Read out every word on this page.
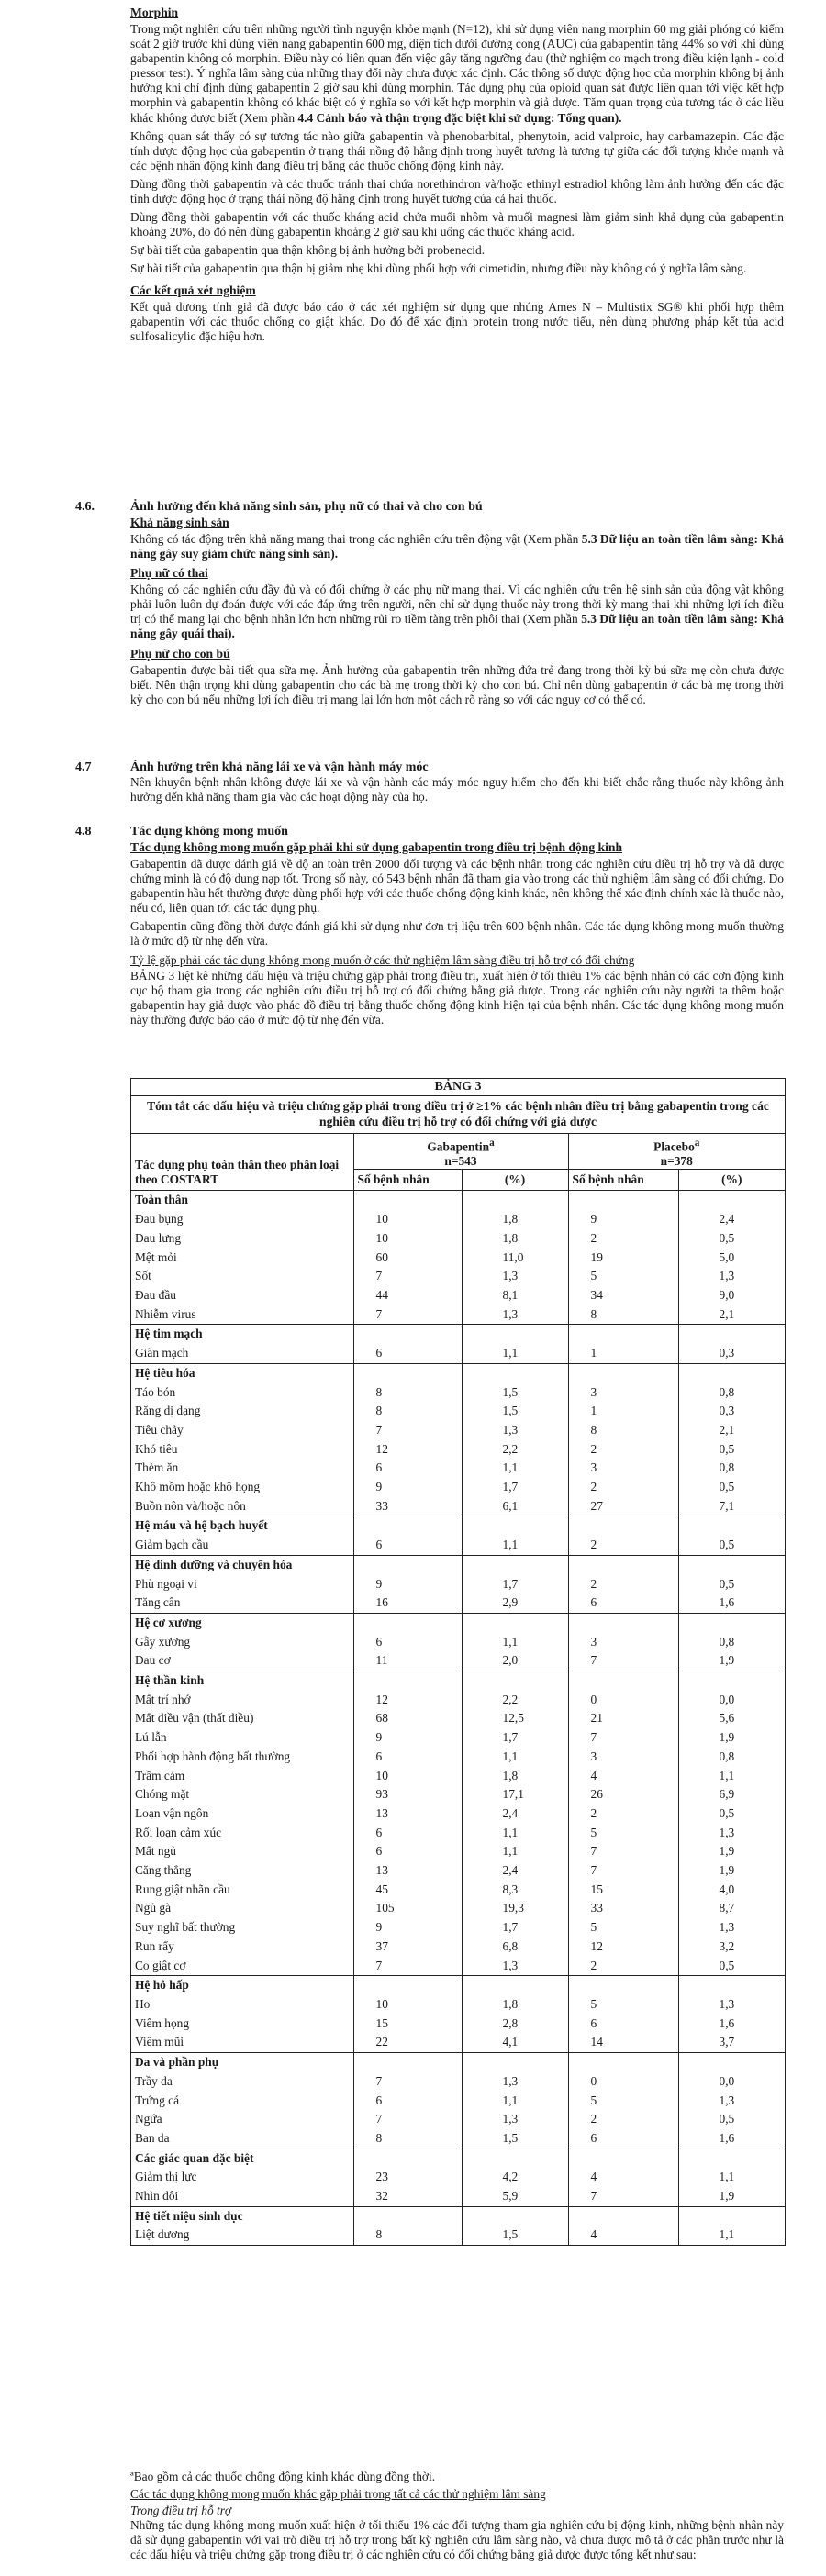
Morphin

Trong một nghiên cứu trên những người tình nguyện khỏe mạnh (N=12), khi sử dụng viên nang morphin 60 mg giải phóng có kiểm soát 2 giờ trước khi dùng viên nang gabapentin 600 mg, diện tích dưới đường cong (AUC) của gabapentin tăng 44% so với khi dùng gabapentin không có morphin. Điều này có liên quan đến việc gây tăng ngưỡng đau (thử nghiệm co mạch trong điều kiện lạnh - cold pressor test). Ý nghĩa lâm sàng của những thay đổi này chưa được xác định. Các thông số dược động học của morphin không bị ảnh hưởng khi chỉ định dùng gabapentin 2 giờ sau khi dùng morphin. Tác dụng phụ của opioid quan sát được liên quan tới việc kết hợp morphin và gabapentin không có khác biệt có ý nghĩa so với kết hợp morphin và giả dược. Tăm quan trọng của tương tác ở các liều khác không được biết (Xem phần 4.4 Cảnh báo và thận trọng đặc biệt khi sử dụng: Tổng quan).

Không quan sát thấy có sự tương tác nào giữa gabapentin và phenobarbital, phenytoin, acid valproic, hay carbamazepin. Các đặc tính dược động học của gabapentin ở trạng thái nồng độ hằng định trong huyết tương là tương tự giữa các đối tượng khỏe mạnh và các bệnh nhân động kinh đang điều trị bằng các thuốc chống động kinh này.

Dùng đồng thời gabapentin và các thuốc tránh thai chứa norethindron và/hoặc ethinyl estradiol không làm ảnh hưởng đến các đặc tính dược động học ở trạng thái nồng độ hằng định trong huyết tương của cả hai thuốc.

Dùng đồng thời gabapentin với các thuốc kháng acid chứa muối nhôm và muối magnesi làm giảm sinh khả dụng của gabapentin khoảng 20%, do đó nên dùng gabapentin khoảng 2 giờ sau khi uống các thuốc kháng acid.

Sự bài tiết của gabapentin qua thận không bị ảnh hưởng bởi probenecid.

Sự bài tiết của gabapentin qua thận bị giảm nhẹ khi dùng phối hợp với cimetidin, nhưng điều này không có ý nghĩa lâm sàng.

Các kết quả xét nghiệm

Kết quả dương tính giả đã được báo cáo ở các xét nghiệm sử dụng que nhúng Ames N – Multistix SG® khi phối hợp thêm gabapentin với các thuốc chống co giật khác. Do đó để xác định protein trong nước tiểu, nên dùng phương pháp kết tủa acid sulfosalicylic đặc hiệu hơn.

4.6.	Ảnh hưởng đến khả năng sinh sản, phụ nữ có thai và cho con bú
Khả năng sinh sản

Không có tác động trên khả năng mang thai trong các nghiên cứu trên động vật (Xem phần 5.3 Dữ liệu an toàn tiền lâm sàng: Khả năng gây suy giảm chức năng sinh sản).

Phụ nữ có thai

Không có các nghiên cứu đầy đủ và có đối chứng ở các phụ nữ mang thai. Vì các nghiên cứu trên hệ sinh sản của động vật không phải luôn luôn dự đoán được với các đáp ứng trên người, nên chỉ sử dụng thuốc này trong thời kỳ mang thai khi những lợi ích điều trị có thể mang lại cho bệnh nhân lớn hơn những rủi ro tiềm tàng trên phôi thai (Xem phần 5.3 Dữ liệu an toàn tiền lâm sàng: Khả năng gây quái thai).

Phụ nữ cho con bú

Gabapentin được bài tiết qua sữa mẹ. Ảnh hưởng của gabapentin trên những đứa trẻ đang trong thời kỳ bú sữa mẹ còn chưa được biết. Nên thận trọng khi dùng gabapentin cho các bà mẹ trong thời kỳ cho con bú. Chỉ nên dùng gabapentin ở các bà mẹ trong thời kỳ cho con bú nếu những lợi ích điều trị mang lại lớn hơn một cách rõ ràng so với các nguy cơ có thể có.

4.7	Ảnh hưởng trên khả năng lái xe và vận hành máy móc

Nên khuyên bệnh nhân không được lái xe và vận hành các máy móc nguy hiểm cho đến khi biết chắc rằng thuốc này không ảnh hưởng đến khả năng tham gia vào các hoạt động này của họ.

4.8	Tác dụng không mong muốn
Tác dụng không mong muốn gặp phải khi sử dụng gabapentin trong điều trị bệnh động kinh

Gabapentin đã được đánh giá về độ an toàn trên 2000 đối tượng và các bệnh nhân trong các nghiên cứu điều trị hỗ trợ và đã được chứng minh là có độ dung nạp tốt. Trong số này, có 543 bệnh nhân đã tham gia vào trong các thử nghiệm lâm sàng có đối chứng. Do gabapentin hầu hết thường được dùng phối hợp với các thuốc chống động kinh khác, nên không thể xác định chính xác là thuốc nào, nếu có, liên quan tới các tác dụng phụ.

Gabapentin cũng đồng thời được đánh giá khi sử dụng như đơn trị liệu trên 600 bệnh nhân. Các tác dụng không mong muốn thường là ở mức độ từ nhẹ đến vừa.

Tỷ lệ gặp phải các tác dụng không mong muốn ở các thử nghiệm lâm sàng điều trị hỗ trợ có đối chứng

BẢNG 3 liệt kê những dấu hiệu và triệu chứng gặp phải trong điều trị, xuất hiện ở tối thiểu 1% các bệnh nhân có các cơn động kinh cục bộ tham gia trong các nghiên cứu điều trị hỗ trợ có đối chứng bằng giả dược. Trong các nghiên cứu này người ta thêm hoặc gabapentin hay giả dược vào phác đồ điều trị bằng thuốc chống động kinh hiện tại của bệnh nhân. Các tác dụng không mong muốn này thường được báo cáo ở mức độ từ nhẹ đến vừa.

BẢNG 3
Tóm tắt các dấu hiệu và triệu chứng gặp phải trong điều trị ở ≥1% các bệnh nhân điều trị bằng gabapentin trong các nghiên cứu điều trị hỗ trợ có đối chứng với giả dược
Tác dụng phụ toàn thân theo phân loại theo COSTART	Gabapentin$^a$
n=543		Placebo$^a$
n=378	
	Số bệnh nhân	(%)	Số bệnh nhân	(%)
Toàn thân				
Đau bụng	10	1,8	9	2,4
Đau lưng	10	1,8	2	0,5
Mệt mỏi	60	11,0	19	5,0
Sốt	7	1,3	5	1,3
Đau đầu	44	8,1	34	9,0
Nhiễm virus	7	1,3	8	2,1
Hệ tim mạch				
Giãn mạch	6	1,1	1	0,3
Hệ tiêu hóa				
Táo bón	8	1,5	3	0,8
Răng dị dạng	8	1,5	1	0,3
Tiêu chảy	7	1,3	8	2,1
Khó tiêu	12	2,2	2	0,5
Thèm ăn	6	1,1	3	0,8
Khô mồm hoặc khô họng	9	1,7	2	0,5
Buồn nôn và/hoặc nôn	33	6,1	27	7,1
Hệ máu và hệ bạch huyết				
Giảm bạch cầu	6	1,1	2	0,5
Hệ dinh dưỡng và chuyển hóa				
Phù ngoại vi	9	1,7	2	0,5
Tăng cân	16	2,9	6	1,6
Hệ cơ xương				
Gẫy xương	6	1,1	3	0,8
Đau cơ	11	2,0	7	1,9
Hệ thần kinh				
Mất trí nhớ	12	2,2	0	0,0
Mất điều vận (thất điều)	68	12,5	21	5,6
Lú lẫn	9	1,7	7	1,9
Phối hợp hành động bất thường	6	1,1	3	0,8
Trầm cảm	10	1,8	4	1,1
Chóng mặt	93	17,1	26	6,9
Loạn vận ngôn	13	2,4	2	0,5
Rối loạn cảm xúc	6	1,1	5	1,3
Mất ngủ	6	1,1	7	1,9
Căng thẳng	13	2,4	7	1,9
Rung giật nhãn cầu	45	8,3	15	4,0
Ngủ gà	105	19,3	33	8,7
Suy nghĩ bất thường	9	1,7	5	1,3
Run rẩy	37	6,8	12	3,2
Co giật cơ	7	1,3	2	0,5
Hệ hô hấp				
Ho	10	1,8	5	1,3
Viêm họng	15	2,8	6	1,6
Viêm mũi	22	4,1	14	3,7
Da và phần phụ				
Trầy da	7	1,3	0	0,0
Trứng cá	6	1,1	5	1,3
Ngứa	7	1,3	2	0,5
Ban da	8	1,5	6	1,6
Các giác quan đặc biệt				
Giảm thị lực	23	4,2	4	1,1
Nhìn đôi	32	5,9	7	1,9
Hệ tiết niệu sinh dục				
Liệt dương	8	1,5	4	1,1

ªBao gồm cả các thuốc chống động kinh khác dùng đồng thời.

Các tác dụng không mong muốn khác gặp phải trong tất cả các thử nghiệm lâm sàng
Trong điều trị hỗ trợ

Những tác dụng không mong muốn xuất hiện ở tối thiểu 1% các đối tượng tham gia nghiên cứu bị động kinh, những bệnh nhân này đã sử dụng gabapentin với vai trò điều trị hỗ trợ trong bất kỳ nghiên cứu lâm sàng nào, và chưa được mô tả ở các phần trước như là các dấu hiệu và triệu chứng gặp trong điều trị ở các nghiên cứu có đối chứng bằng giả dược được tổng kết như sau:
